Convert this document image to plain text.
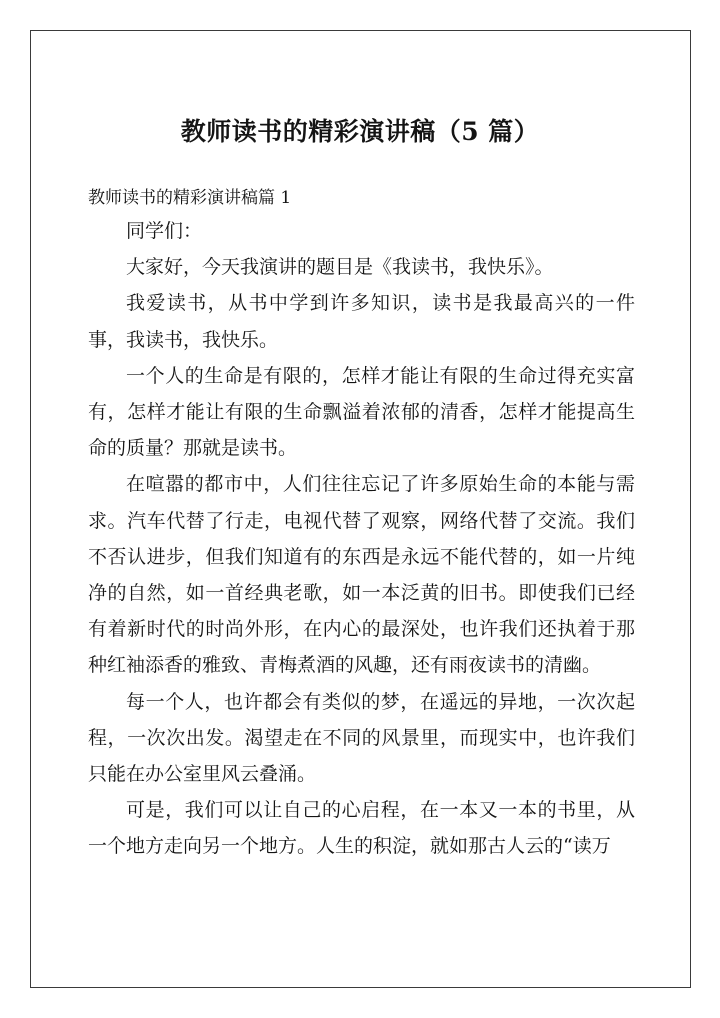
教师读书的精彩演讲稿（5 篇）
教师读书的精彩演讲稿篇 1

同学们：

大家好，今天我演讲的题目是《我读书，我快乐》。

我爱读书，从书中学到许多知识，读书是我最高兴的一件事，我读书，我快乐。

一个人的生命是有限的，怎样才能让有限的生命过得充实富有，怎样才能让有限的生命飘溢着浓郁的清香，怎样才能提高生命的质量？那就是读书。

在喧嚣的都市中，人们往往忘记了许多原始生命的本能与需求。汽车代替了行走，电视代替了观察，网络代替了交流。我们不否认进步，但我们知道有的东西是永远不能代替的，如一片纯净的自然，如一首经典老歌，如一本泛黄的旧书。即使我们已经有着新时代的时尚外形，在内心的最深处，也许我们还执着于那种红袖添香的雅致、青梅煮酒的风趣，还有雨夜读书的清幽。

每一个人，也许都会有类似的梦，在遥远的异地，一次次起程，一次次出发。渴望走在不同的风景里，而现实中，也许我们只能在办公室里风云叠涌。

可是，我们可以让自己的心启程，在一本又一本的书里，从一个地方走向另一个地方。人生的积淀，就如那古人云的“读万
